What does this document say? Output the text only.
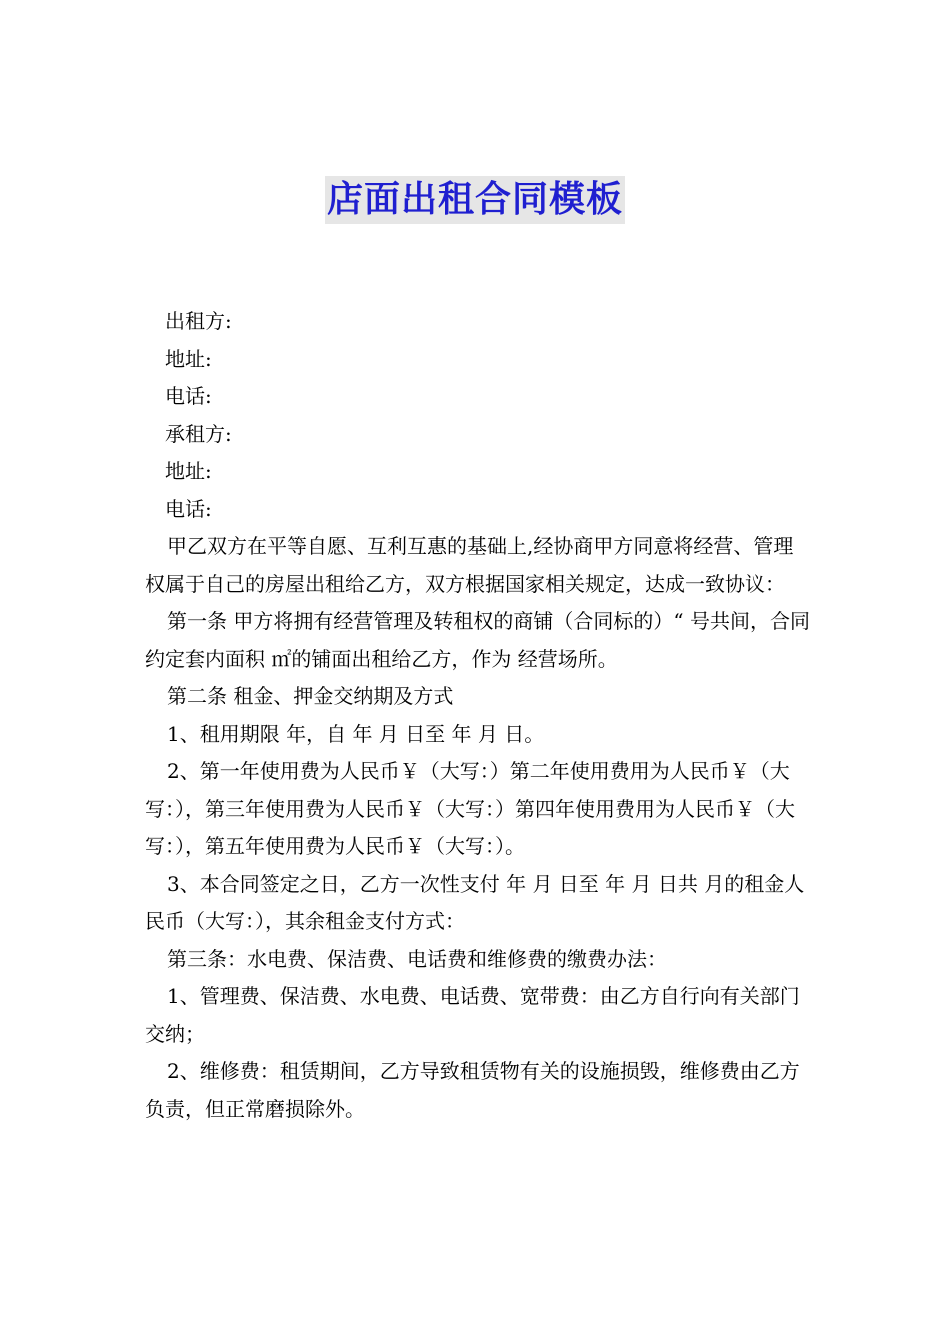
店面出租合同模板

出租方:

地址:

电话:

承租方:

地址:

电话:

甲乙双方在平等自愿、互利互惠的基础上,经协商甲方同意将经营、管理权属于自己的房屋出租给乙方，双方根据国家相关规定，达成一致协议：

第一条 甲方将拥有经营管理及转租权的商铺（合同标的）“ 号共间，合同约定套内面积 ㎡的铺面出租给乙方，作为 经营场所。

第二条 租金、押金交纳期及方式

1、租用期限 年，自 年 月 日至 年 月 日。

2、第一年使用费为人民币￥（大写：）第二年使用费用为人民币￥（大写：），第三年使用费为人民币￥（大写：）第四年使用费用为人民币￥（大写：），第五年使用费为人民币￥（大写：）。

3、本合同签定之日，乙方一次性支付 年 月 日至 年 月 日共 月的租金人民币（大写：），其余租金支付方式：

第三条：水电费、保洁费、电话费和维修费的缴费办法：

1、管理费、保洁费、水电费、电话费、宽带费：由乙方自行向有关部门交纳；

2、维修费：租赁期间，乙方导致租赁物有关的设施损毁，维修费由乙方负责，但正常磨损除外。
